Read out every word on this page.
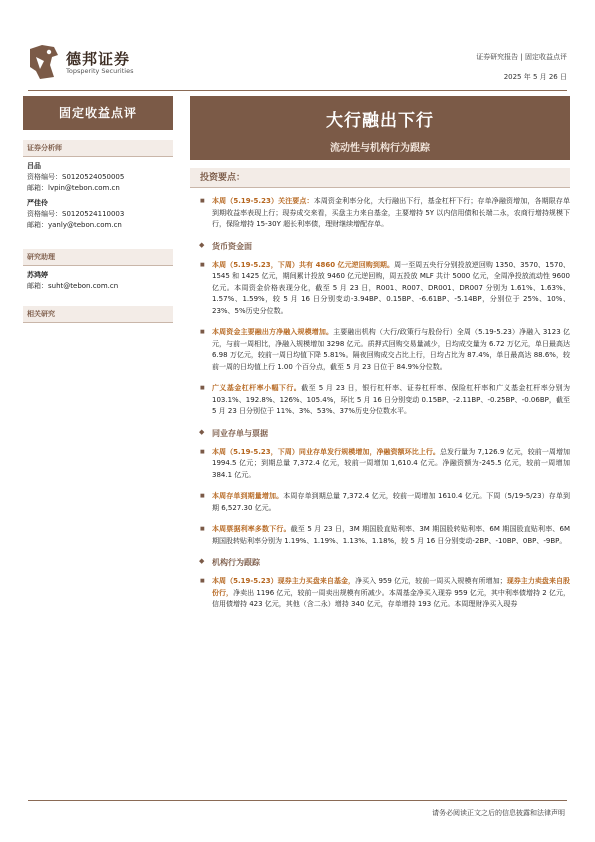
德邦证券
Topsperity Securities
证券研究报告 | 固定收益点评
2025 年 5 月 26 日
固定收益点评
证券分析师
吕品
资格编号：S0120524050005
邮箱：lvpin@tebon.com.cn
严佳伶
资格编号：S0120524110003
邮箱：yanly@tebon.com.cn
研究助理
苏鸿婷
邮箱：suht@tebon.com.cn
相关研究
大行融出下行
流动性与机构行为跟踪
投资要点：
■ 本周（5.19-5.23）关注要点：本周资金利率分化，大行融出下行，基金杠杆下行；存单净融资增加，各期限存单到期收益率表现上行；现券成交来看，买盘主力来自基金，主要增持 5Y 以内信用债和长端二永，农商行增持规模下行，保险增持 15-30Y 超长利率债，理财继续增配存单。
◆ 货币资金面
■ 本周（5.19-5.23，下周）共有 4860 亿元逆回购到期。周一至周五央行分别投放逆回购 1350、3570、1570、1545 和 1425 亿元，期间累计投放 9460 亿元逆回购，周五投放 MLF 共计 5000 亿元，全周净投放流动性 9600 亿元。本周资金价格表现分化，截至 5 月 23 日，R001、R007、DR001、DR007 分别为 1.61%、1.63%、1.57%、1.59%，较 5 月 16 日分别变动-3.94BP、0.15BP、-6.61BP、-5.14BP，分别位于 25%、10%、23%、5%历史分位数。
■ 本周资金主要融出方净融入规模增加。主要融出机构（大行/政策行与股份行）全周（5.19-5.23）净融入 3123 亿元，与前一周相比，净融入规模增加 3298 亿元。质押式回购交易量减少，日均成交量为 6.72 万亿元，单日最高达 6.98 万亿元，较前一周日均值下降 5.81%。隔夜回购成交占比上行，日均占比为 87.4%，单日最高达 88.6%，较前一周的日均值上行 1.00 个百分点，截至 5 月 23 日位于 84.9%分位数。
■ 广义基金杠杆率小幅下行。截至 5 月 23 日，银行杠杆率、证券杠杆率、保险杠杆率和广义基金杠杆率分别为 103.1%、192.8%、126%、105.4%，环比 5 月 16 日分别变动 0.15BP、-2.11BP、-0.25BP、-0.06BP，截至 5 月 23 日分别位于 11%、3%、53%、37%历史分位数水平。
◆ 同业存单与票据
■ 本周（5.19-5.23，下周）同业存单发行规模增加，净融资额环比上行。总发行量为 7,126.9 亿元，较前一周增加 1994.5 亿元；到期总量 7,372.4 亿元，较前一周增加 1,610.4 亿元。净融资额为-245.5 亿元，较前一周增加 384.1 亿元。
■ 本周存单到期量增加。本周存单到期总量 7,372.4 亿元，较前一周增加 1610.4 亿元。下周（5/19-5/23）存单到期 6,527.30 亿元。
■ 本周票据利率多数下行。截至 5 月 23 日，3M 期国股直贴利率、3M 期国股转贴利率、6M 期国股直贴利率、6M 期国股转贴利率分别为 1.19%、1.19%、1.13%、1.18%，较 5 月 16 日分别变动-2BP、-10BP、0BP、-9BP。
◆ 机构行为跟踪
■ 本周（5.19-5.23）现券主力买盘来自基金，净买入 959 亿元，较前一周买入规模有所增加；现券主力卖盘来自股份行，净卖出 1196 亿元，较前一周卖出规模有所减少。本周基金净买入现券 959 亿元，其中利率债增持 2 亿元，信用债增持 423 亿元，其他（含二永）增持 340 亿元，存单增持 193 亿元。本周理财净买入现券
请务必阅读正文之后的信息披露和法律声明
